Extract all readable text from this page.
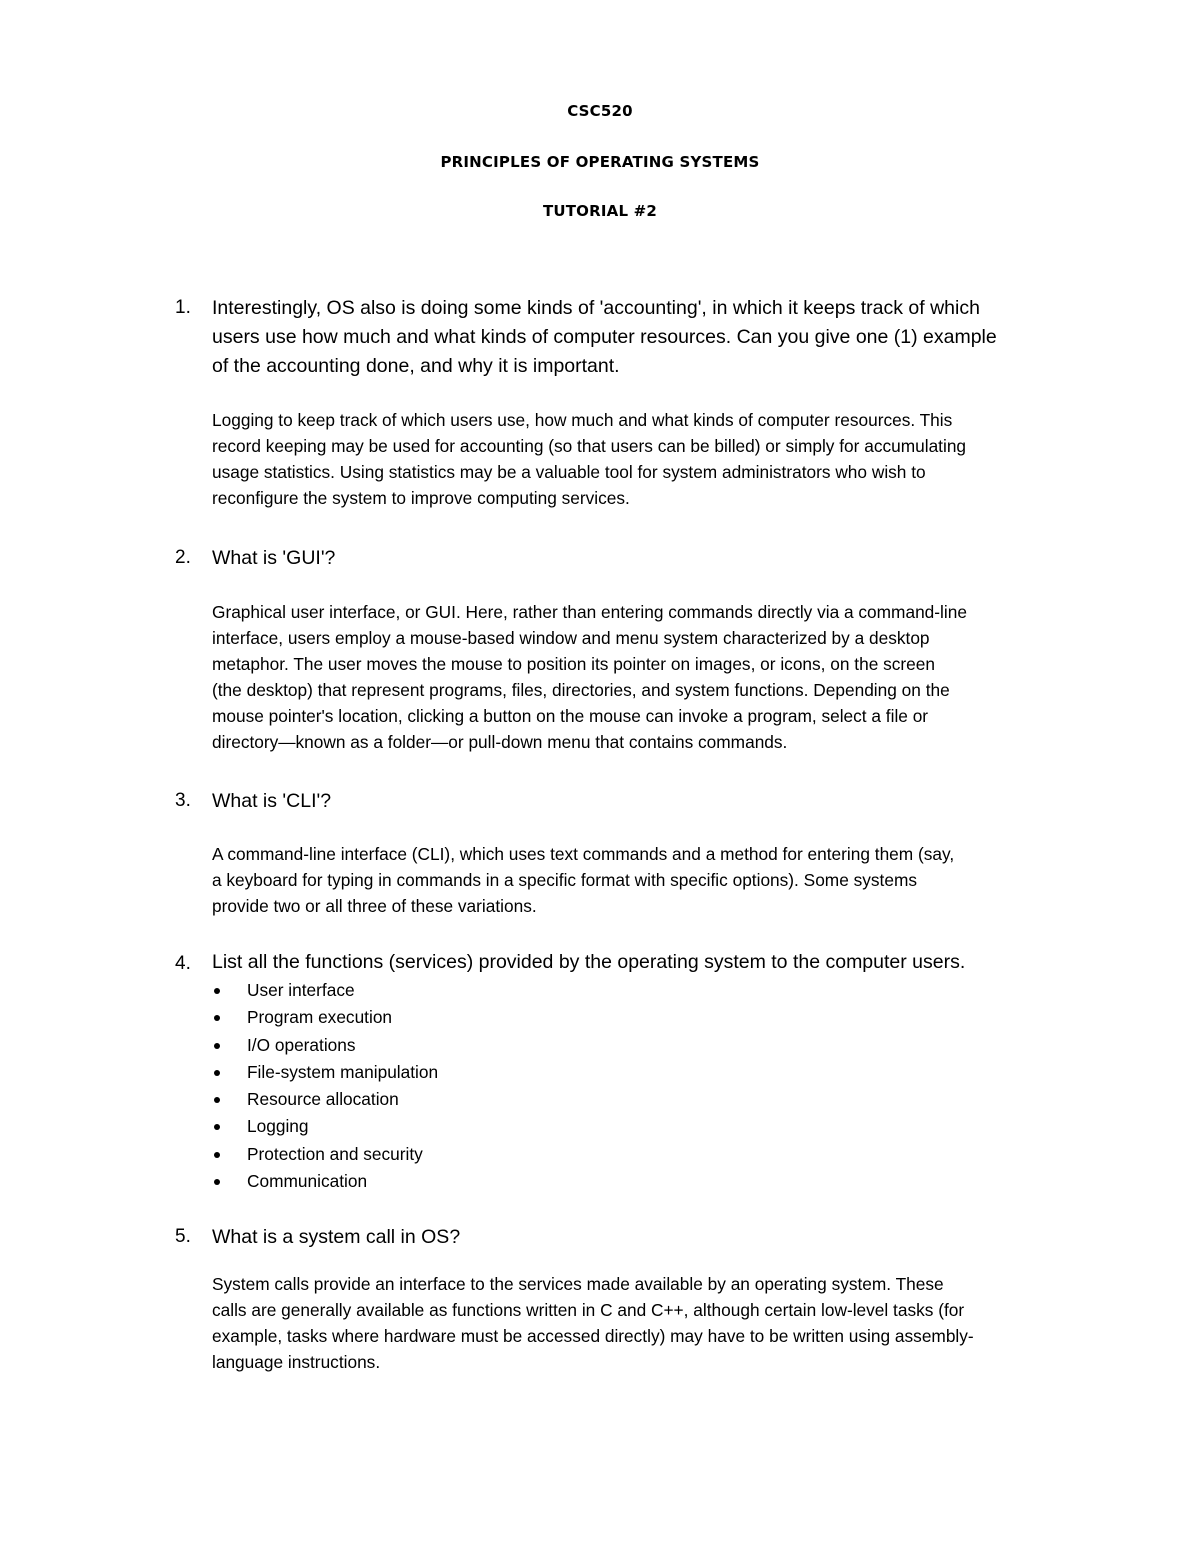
CSC520
PRINCIPLES OF OPERATING SYSTEMS
TUTORIAL #2
1. Interestingly, OS also is doing some kinds of 'accounting', in which it keeps track of which
users use how much and what kinds of computer resources. Can you give one (1) example
of the accounting done, and why it is important.
Logging to keep track of which users use, how much and what kinds of computer resources. This
record keeping may be used for accounting (so that users can be billed) or simply for accumulating
usage statistics. Using statistics may be a valuable tool for system administrators who wish to
reconfigure the system to improve computing services.
2. What is 'GUI'?
Graphical user interface, or GUI. Here, rather than entering commands directly via a command-line
interface, users employ a mouse-based window and menu system characterized by a desktop
metaphor. The user moves the mouse to position its pointer on images, or icons, on the screen
(the desktop) that represent programs, files, directories, and system functions. Depending on the
mouse pointer's location, clicking a button on the mouse can invoke a program, select a file or
directory—known as a folder—or pull-down menu that contains commands.
3. What is 'CLI'?
A command-line interface (CLI), which uses text commands and a method for entering them (say,
a keyboard for typing in commands in a specific format with specific options). Some systems
provide two or all three of these variations.
4. List all the functions (services) provided by the operating system to the computer users.
User interface
Program execution
I/O operations
File-system manipulation
Resource allocation
Logging
Protection and security
Communication
5. What is a system call in OS?
System calls provide an interface to the services made available by an operating system. These
calls are generally available as functions written in C and C++, although certain low-level tasks (for
example, tasks where hardware must be accessed directly) may have to be written using assembly-
language instructions.
